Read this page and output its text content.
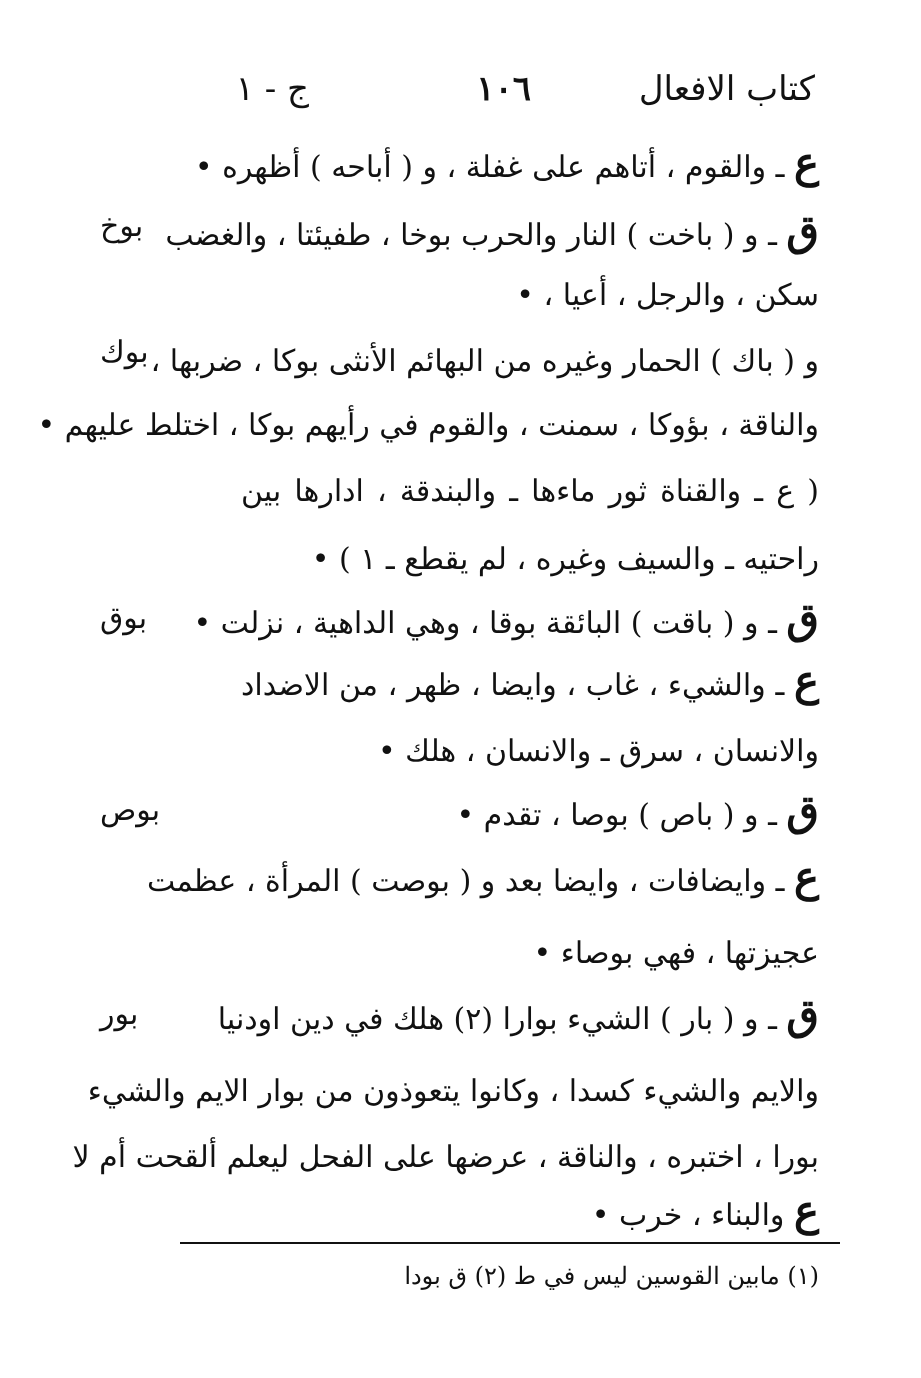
كتاب الافعال
١٠٦
ج - ١
ع ـ والقوم ، أتاهم على غفلة ، و ( أباحه ) أظهره •
بوخ	ق ـ و ( باخت ) النار والحرب بوخا ، طفيئتا ، والغضب
سكن ، والرجل ، أعيا ، •
بوك و ( باك ) الحمار وغيره من البهائم الأنثى بوكا ، ضربها ،
والناقة ، بؤوكا ، سمنت ، والقوم في رأيهم بوكا ، اختلط عليهم •
( ع ـ والقناة ثور ماءها ـ والبندقة ، ادارها بين
راحتيه ـ والسيف وغيره ، لم يقطع ـ ١ ) •
بوق	ق ـ و ( باقت ) البائقة بوقا ، وهي الداهية ، نزلت •
ع ـ والشيء ، غاب ، وايضا ، ظهر ، من الاضداد
والانسان ، سرق ـ والانسان ، هلك •
بوص	ق ـ و ( باص ) بوصا ، تقدم •
ع ـ وايضافات ، وايضا بعد و ( بوصت ) المرأة ، عظمت
عجيزتها ، فهي بوصاء •
بور	ق ـ و ( بار ) الشيء بوارا (٢) هلك في دين اودنيا
والايم والشيء كسدا ، وكانوا يتعوذون من بوار الايم والشيء
بورا ، اختبره ، والناقة ، عرضها على الفحل ليعلم ألقحت أم لا
ع والبناء ، خرب •
(١) مابين القوسين ليس في ط (٢) ق بودا
